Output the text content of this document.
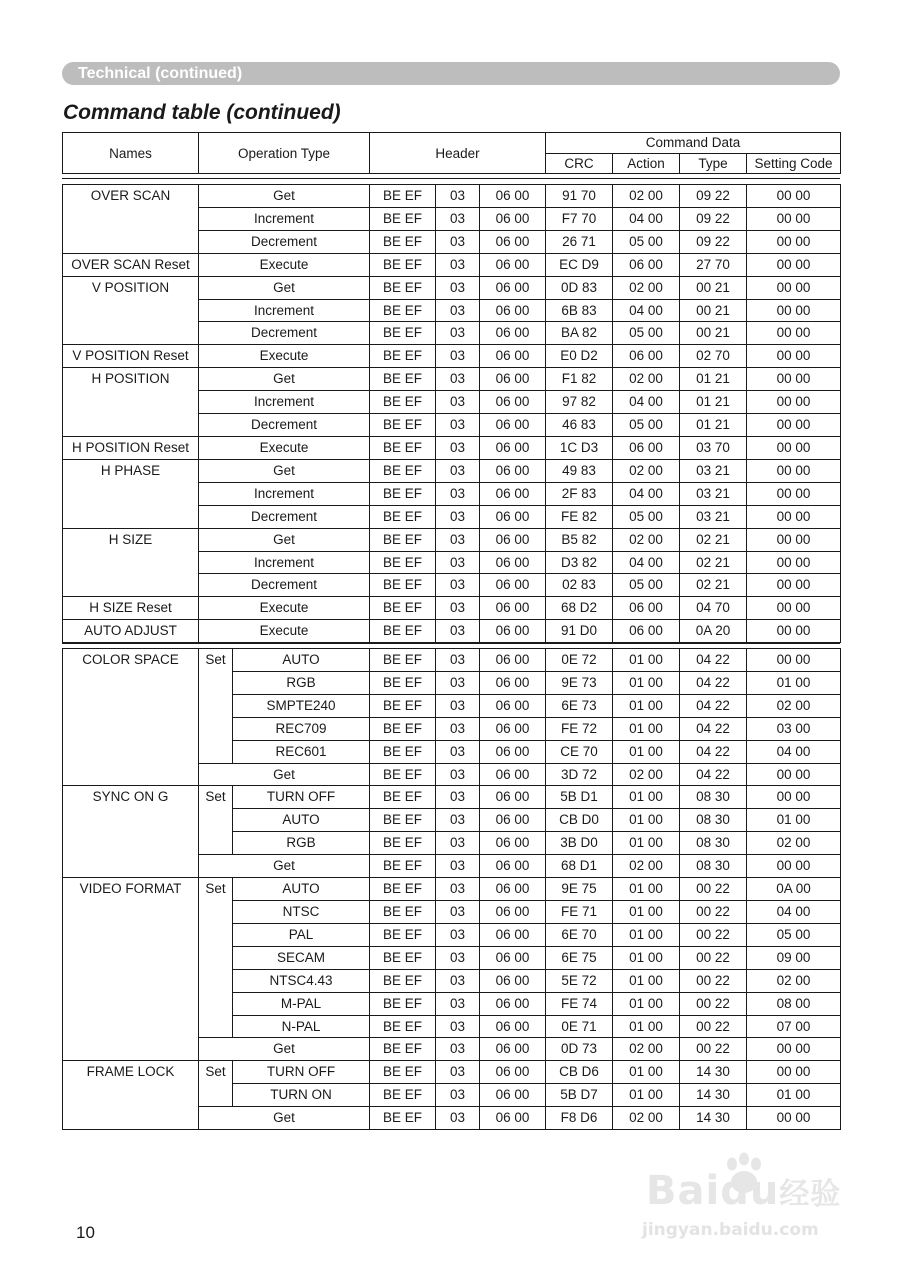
Technical (continued)
Command table (continued)
Names	Operation Type	Header	Command Data			
			CRC	Action	Type	Setting Code
OVER SCAN	Get	BE EF	03	06 00	91 70	02 00	09 22	00 00
	Increment	BE EF	03	06 00	F7 70	04 00	09 22	00 00
	Decrement	BE EF	03	06 00	26 71	05 00	09 22	00 00
OVER SCAN Reset	Execute	BE EF	03	06 00	EC D9	06 00	27 70	00 00
V POSITION	Get	BE EF	03	06 00	0D 83	02 00	00 21	00 00
	Increment	BE EF	03	06 00	6B 83	04 00	00 21	00 00
	Decrement	BE EF	03	06 00	BA 82	05 00	00 21	00 00
V POSITION Reset	Execute	BE EF	03	06 00	E0 D2	06 00	02 70	00 00
H POSITION	Get	BE EF	03	06 00	F1 82	02 00	01 21	00 00
	Increment	BE EF	03	06 00	97 82	04 00	01 21	00 00
	Decrement	BE EF	03	06 00	46 83	05 00	01 21	00 00
H POSITION Reset	Execute	BE EF	03	06 00	1C D3	06 00	03 70	00 00
H PHASE	Get	BE EF	03	06 00	49 83	02 00	03 21	00 00
	Increment	BE EF	03	06 00	2F 83	04 00	03 21	00 00
	Decrement	BE EF	03	06 00	FE 82	05 00	03 21	00 00
H SIZE	Get	BE EF	03	06 00	B5 82	02 00	02 21	00 00
	Increment	BE EF	03	06 00	D3 82	04 00	02 21	00 00
	Decrement	BE EF	03	06 00	02 83	05 00	02 21	00 00
H SIZE Reset	Execute	BE EF	03	06 00	68 D2	06 00	04 70	00 00
AUTO ADJUST	Execute	BE EF	03	06 00	91 D0	06 00	0A 20	00 00
COLOR SPACE	Set	AUTO	BE EF	03	06 00	0E 72	01 00	04 22	00 00
		RGB	BE EF	03	06 00	9E 73	01 00	04 22	01 00
		SMPTE240	BE EF	03	06 00	6E 73	01 00	04 22	02 00
		REC709	BE EF	03	06 00	FE 72	01 00	04 22	03 00
		REC601	BE EF	03	06 00	CE 70	01 00	04 22	04 00
	Get		BE EF	03	06 00	3D 72	02 00	04 22	00 00
SYNC ON G	Set	TURN OFF	BE EF	03	06 00	5B D1	01 00	08 30	00 00
		AUTO	BE EF	03	06 00	CB D0	01 00	08 30	01 00
		RGB	BE EF	03	06 00	3B D0	01 00	08 30	02 00
	Get		BE EF	03	06 00	68 D1	02 00	08 30	00 00
VIDEO FORMAT	Set	AUTO	BE EF	03	06 00	9E 75	01 00	00 22	0A 00
		NTSC	BE EF	03	06 00	FE 71	01 00	00 22	04 00
		PAL	BE EF	03	06 00	6E 70	01 00	00 22	05 00
		SECAM	BE EF	03	06 00	6E 75	01 00	00 22	09 00
		NTSC4.43	BE EF	03	06 00	5E 72	01 00	00 22	02 00
		M-PAL	BE EF	03	06 00	FE 74	01 00	00 22	08 00
		N-PAL	BE EF	03	06 00	0E 71	01 00	00 22	07 00
	Get		BE EF	03	06 00	0D 73	02 00	00 22	00 00
FRAME LOCK	Set	TURN OFF	BE EF	03	06 00	CB D6	01 00	14 30	00 00
		TURN ON	BE EF	03	06 00	5B D7	01 00	14 30	01 00
	Get		BE EF	03	06 00	F8 D6	02 00	14 30	00 00
10
Baidu经验
jingyan.baidu.com
